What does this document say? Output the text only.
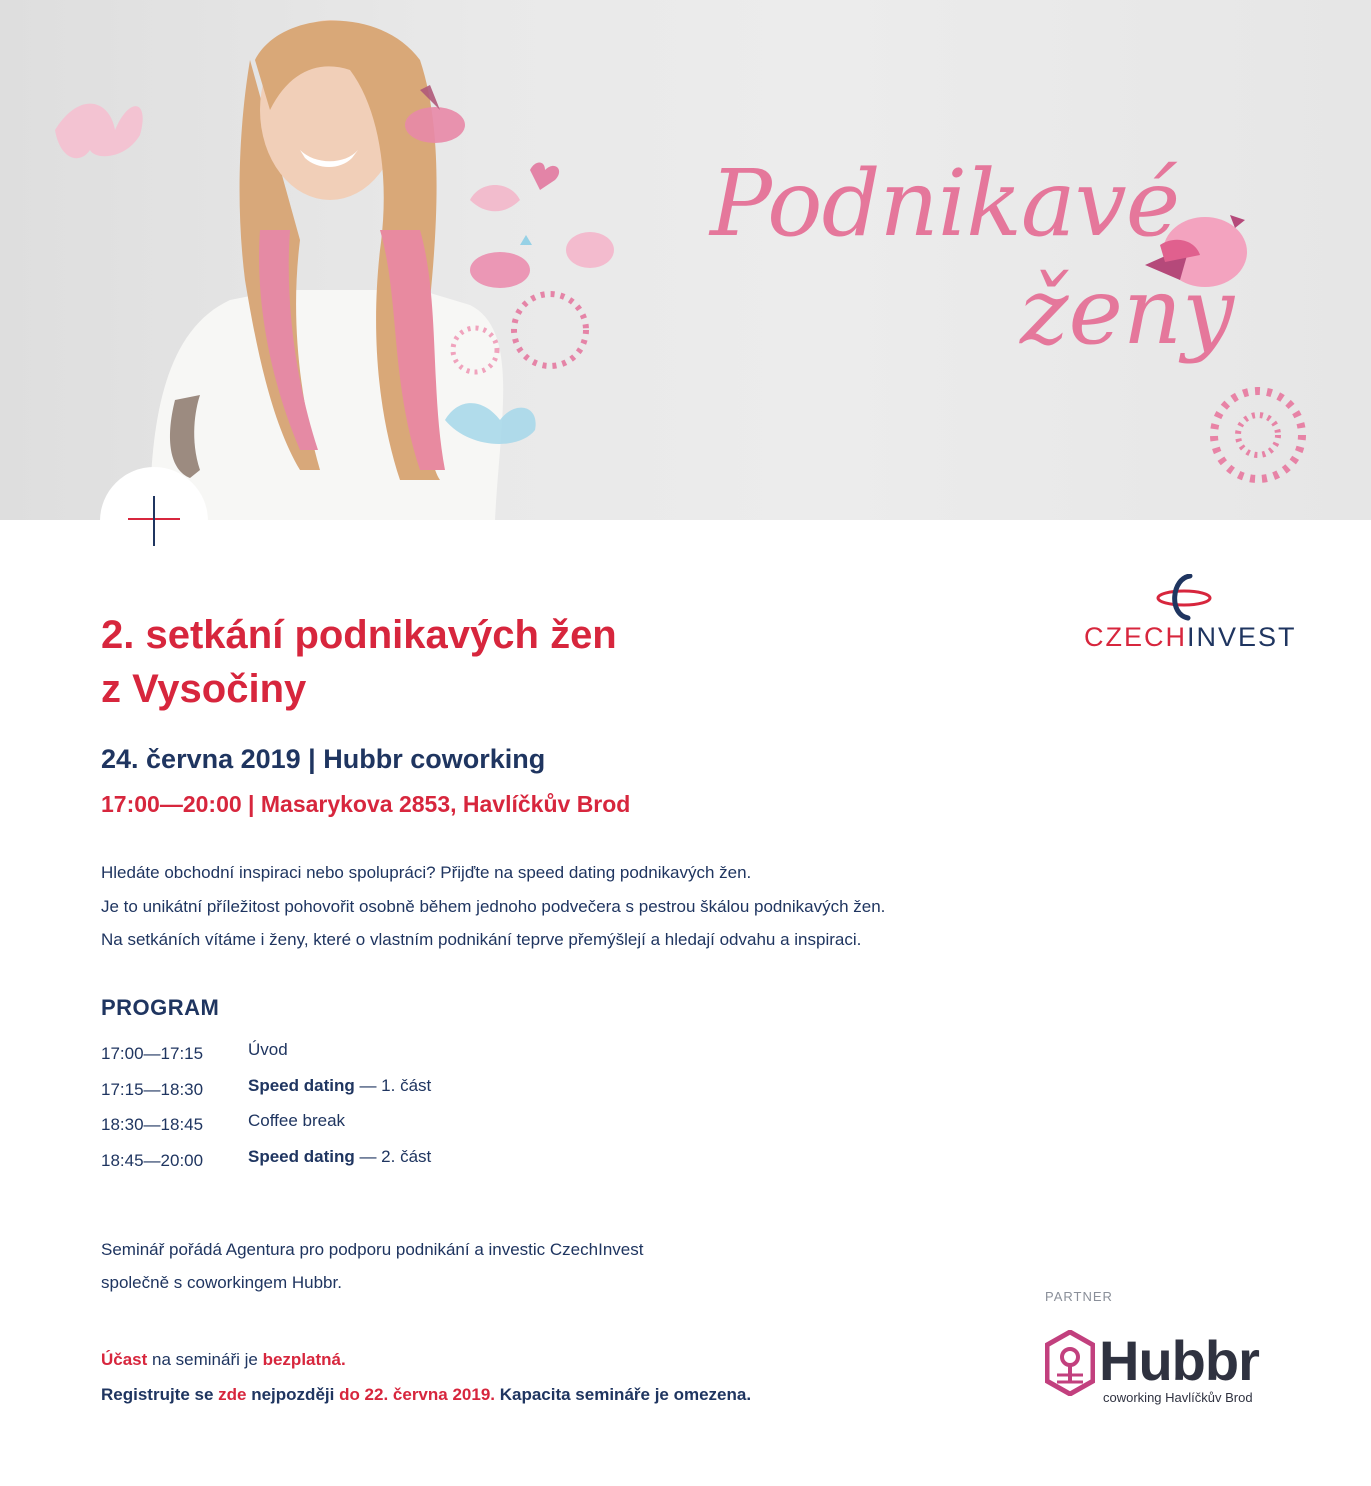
Podnikavé
ženy
CZECHINVEST
2. setkání podnikavých žen
z Vysočiny
24. června 2019 | Hubbr coworking
17:00—20:00 | Masarykova 2853, Havlíčkův Brod
Hledáte obchodní inspiraci nebo spolupráci? Přijďte na speed dating podnikavých žen.
Je to unikátní příležitost pohovořit osobně během jednoho podvečera s pestrou škálou podnikavých žen.
Na setkáních vítáme i ženy, které o vlastním podnikání teprve přemýšlejí a hledají odvahu a inspiraci.
PROGRAM
17:00—17:15	Úvod
17:15—18:30	Speed dating — 1. část
18:30—18:45	Coffee break
18:45—20:00	Speed dating — 2. část
Seminář pořádá Agentura pro podporu podnikání a investic CzechInvest
společně s coworkingem Hubbr.
Účast na semináři je bezplatná.
Registrujte se zde nejpozději do 22. června 2019. Kapacita semináře je omezena.
PARTNER
Hubbr
coworking Havlíčkův Brod
